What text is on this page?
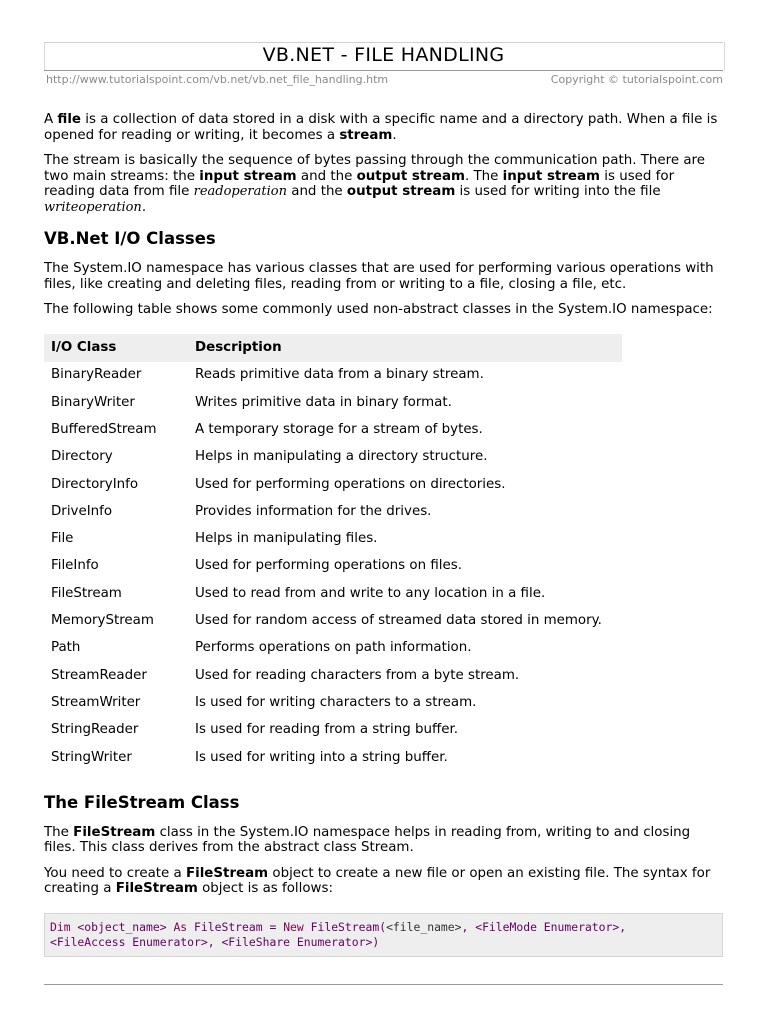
VB.NET - FILE HANDLING
http://www.tutorialspoint.com/vb.net/vb.net_file_handling.htm	Copyright © tutorialspoint.com

A file is a collection of data stored in a disk with a specific name and a directory path. When a file is opened for reading or writing, it becomes a stream.

The stream is basically the sequence of bytes passing through the communication path. There are two main streams: the input stream and the output stream. The input stream is used for reading data from file readoperation and the output stream is used for writing into the file writeoperation.

VB.Net I/O Classes

The System.IO namespace has various classes that are used for performing various operations with files, like creating and deleting files, reading from or writing to a file, closing a file, etc.

The following table shows some commonly used non-abstract classes in the System.IO namespace:

I/O Class	Description
BinaryReader	Reads primitive data from a binary stream.
BinaryWriter	Writes primitive data in binary format.
BufferedStream	A temporary storage for a stream of bytes.
Directory	Helps in manipulating a directory structure.
DirectoryInfo	Used for performing operations on directories.
DriveInfo	Provides information for the drives.
File	Helps in manipulating files.
FileInfo	Used for performing operations on files.
FileStream	Used to read from and write to any location in a file.
MemoryStream	Used for random access of streamed data stored in memory.
Path	Performs operations on path information.
StreamReader	Used for reading characters from a byte stream.
StreamWriter	Is used for writing characters to a stream.
StringReader	Is used for reading from a string buffer.
StringWriter	Is used for writing into a string buffer.
The FileStream Class

The FileStream class in the System.IO namespace helps in reading from, writing to and closing files. This class derives from the abstract class Stream.

You need to create a FileStream object to create a new file or open an existing file. The syntax for creating a FileStream object is as follows:

Dim <object_name> As FileStream = New FileStream(<file_name>, <FileMode Enumerator>,
<FileAccess Enumerator>, <FileShare Enumerator>)
